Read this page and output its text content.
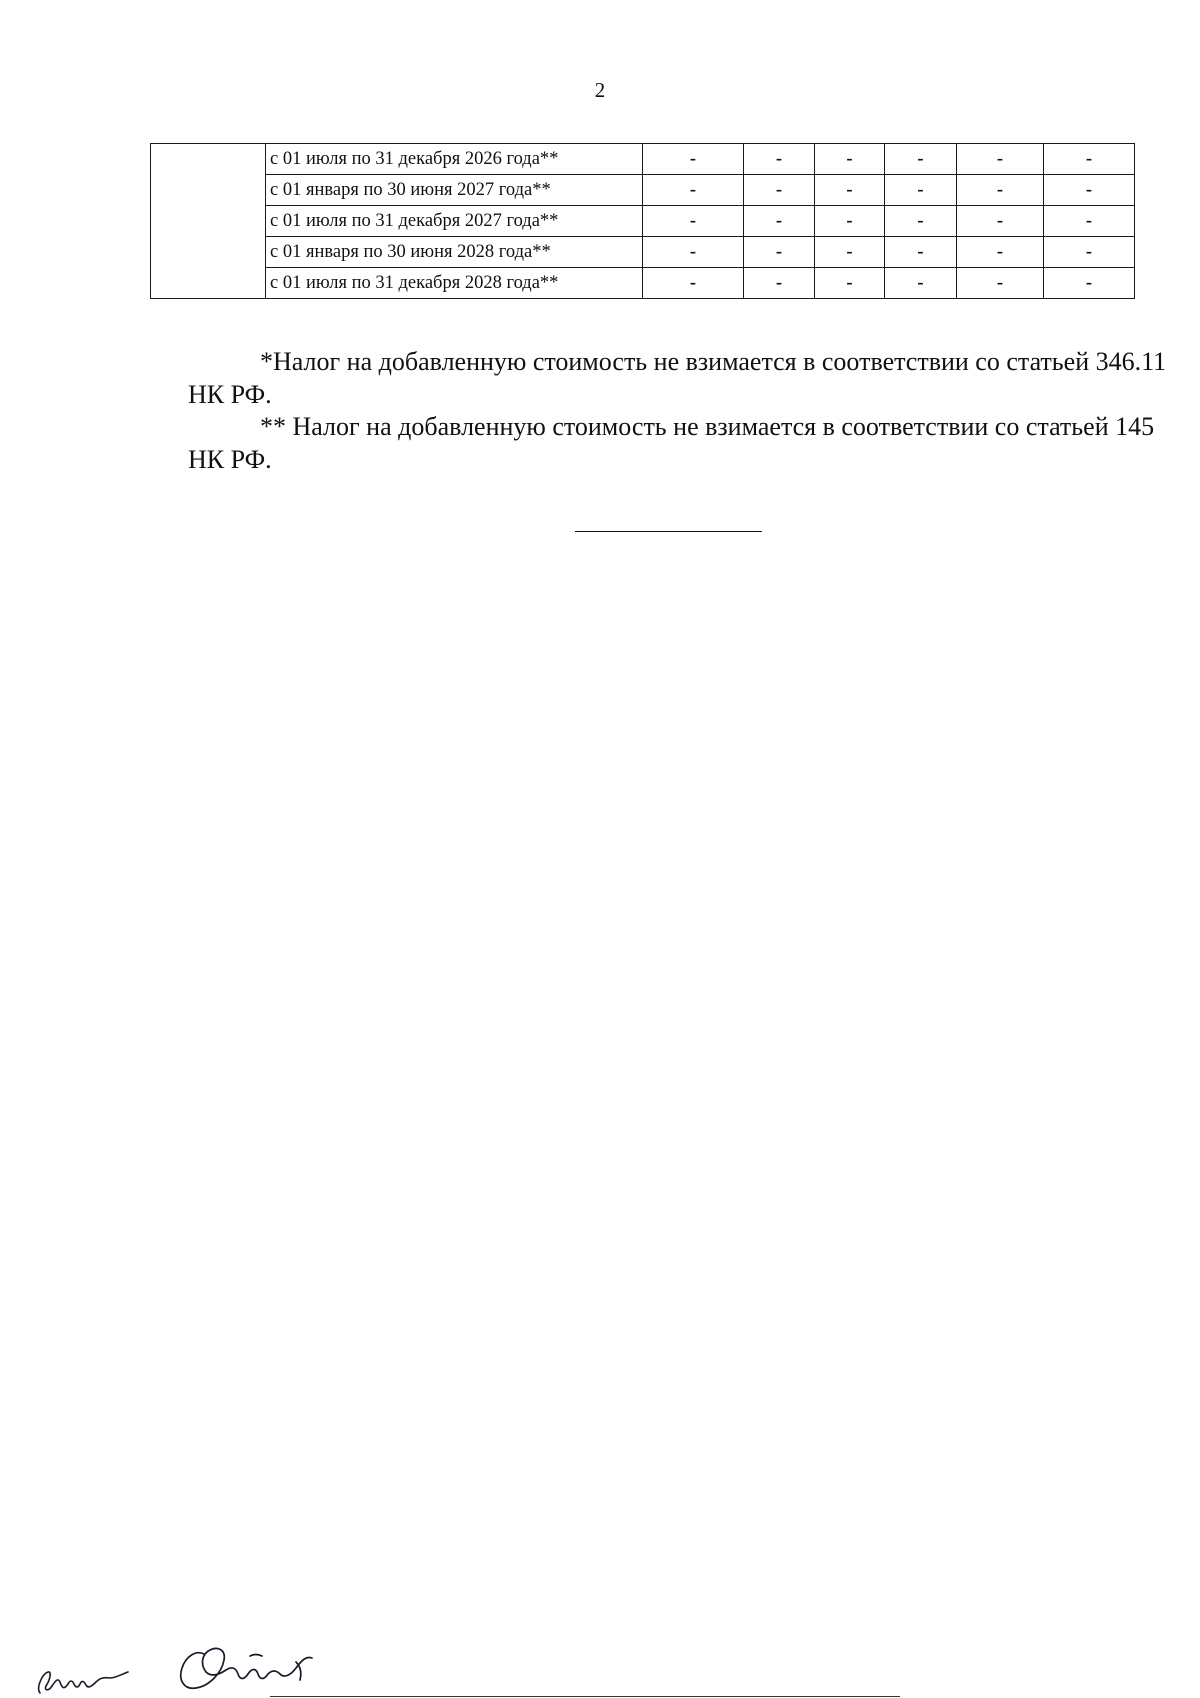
2
	с 01 июля по 31 декабря 2026 года**	-	-	-	-	-	-
	с 01 января по 30 июня 2027 года**	-	-	-	-	-	-
	с 01 июля по 31 декабря 2027 года**	-	-	-	-	-	-
	с 01 января по 30 июня 2028 года**	-	-	-	-	-	-
	с 01 июля по 31 декабря 2028 года**	-	-	-	-	-	-

*Налог на добавленную стоимость не взимается в соответствии со статьей 346.11 НК РФ.

** Налог на добавленную стоимость не взимается в соответствии со статьей 145 НК РФ.
